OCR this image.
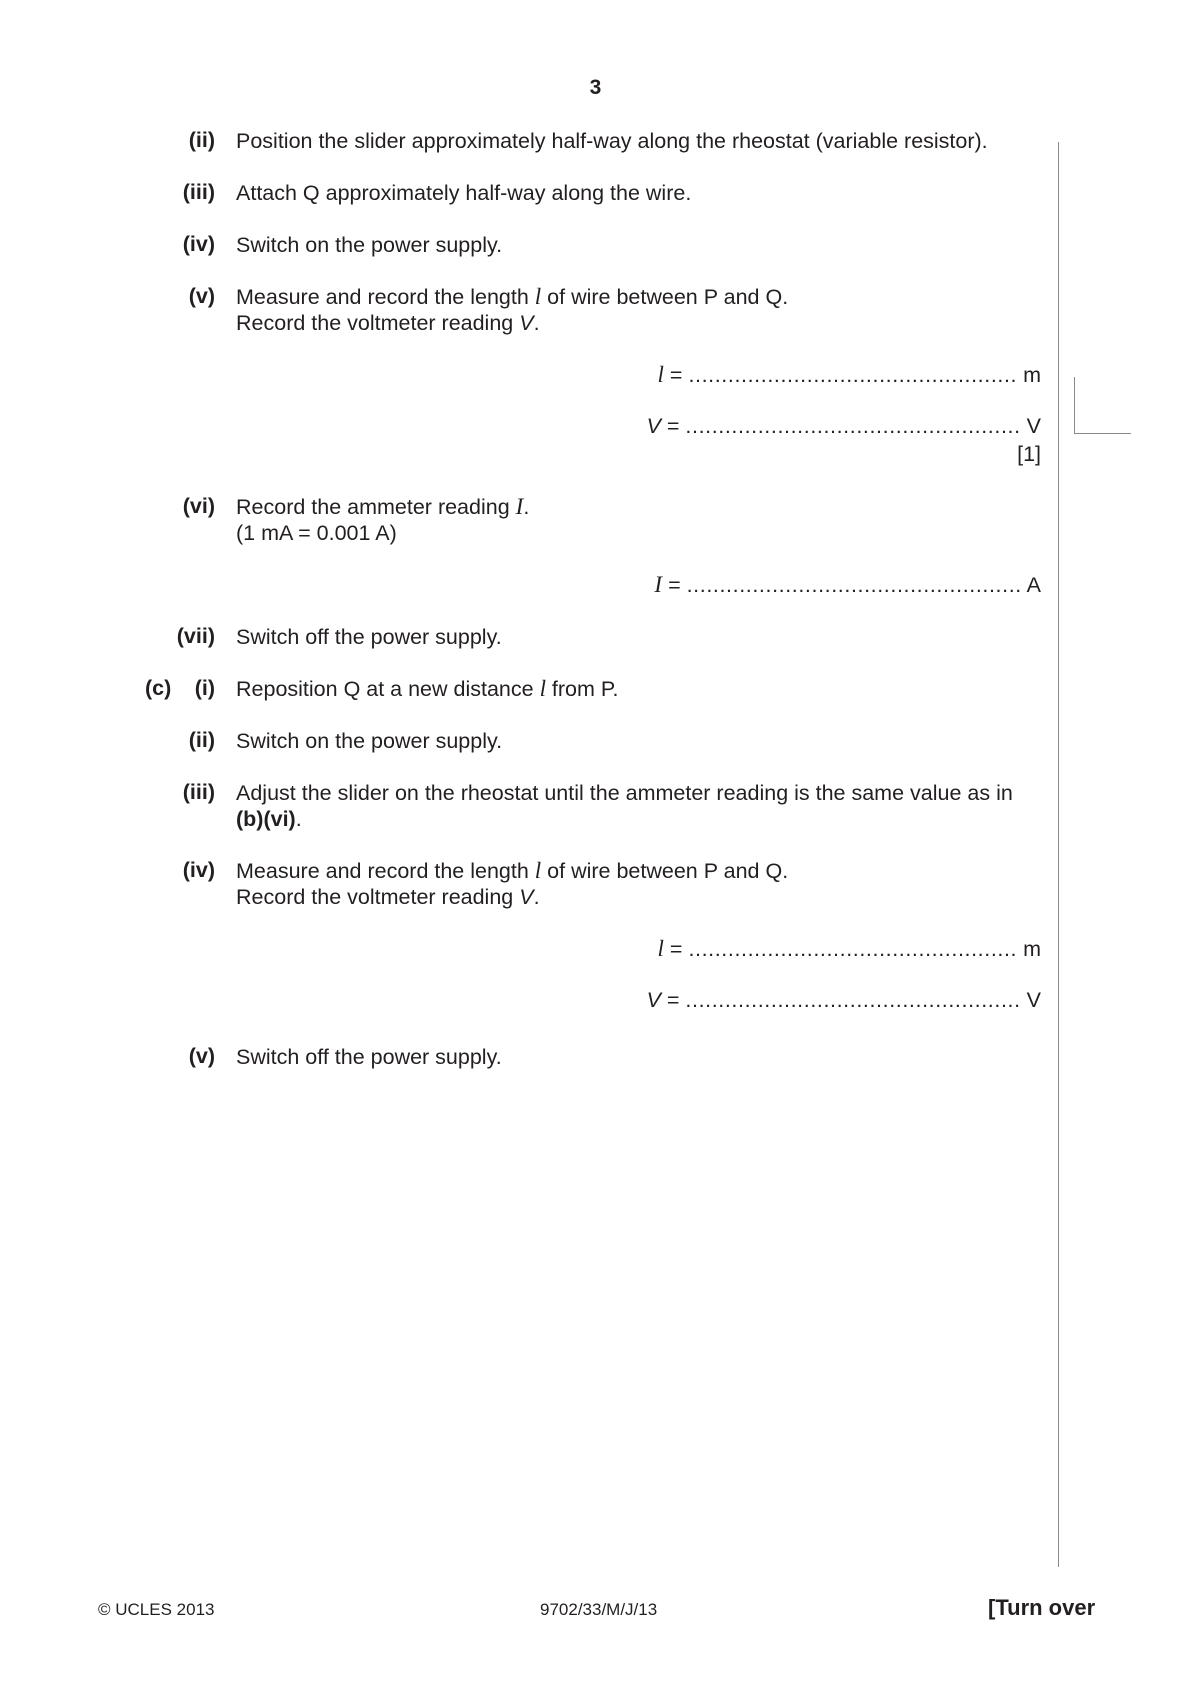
3
(ii) Position the slider approximately half-way along the rheostat (variable resistor).
(iii) Attach Q approximately half-way along the wire.
(iv) Switch on the power supply.
(v) Measure and record the length l of wire between P and Q.
Record the voltmeter reading V.
l = .................................................. m
V = ................................................... V
[1]
(vi) Record the ammeter reading I.
(1 mA = 0.001 A)
I = ................................................... A
(vii) Switch off the power supply.
(c)	(i) Reposition Q at a new distance l from P.
(ii) Switch on the power supply.
(iii) Adjust the slider on the rheostat until the ammeter reading is the same value as in
(b)(vi).
(iv) Measure and record the length l of wire between P and Q.
Record the voltmeter reading V.
l = .................................................. m
V = ................................................... V
(v) Switch off the power supply.
© UCLES 2013	9702/33/M/J/13	[Turn over
